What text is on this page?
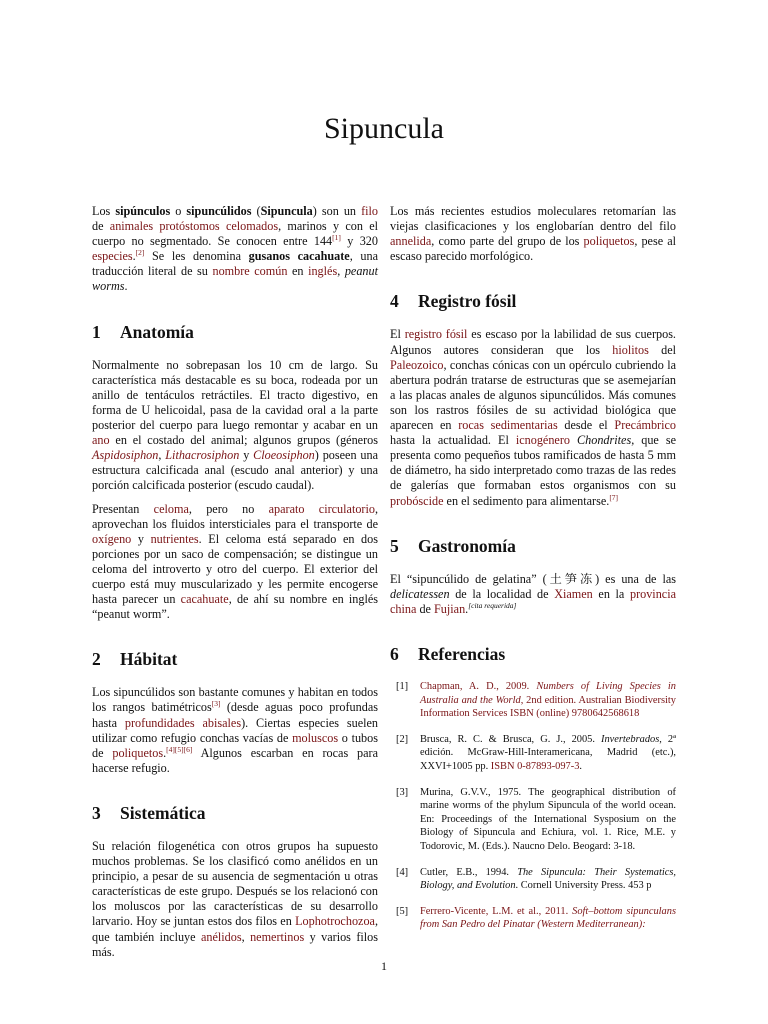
Sipuncula

Los sipúnculos o sipuncúlidos (Sipuncula) son un filo de animales protóstomos celomados, marinos y con el cuerpo no segmentado. Se conocen entre 144[1] y 320 especies.[2] Se les denomina gusanos cacahuate, una traducción literal de su nombre común en inglés, peanut worms.

1 Anatomía

Normalmente no sobrepasan los 10 cm de largo. Su característica más destacable es su boca, rodeada por un anillo de tentáculos retráctiles. El tracto digestivo, en forma de U helicoidal, pasa de la cavidad oral a la parte posterior del cuerpo para luego remontar y acabar en un ano en el costado del animal; algunos grupos (géneros Aspidosiphon, Lithacrosiphon y Cloeosiphon) poseen una estructura calcificada anal (escudo anal anterior) y una porción calcificada posterior (escudo caudal).

Presentan celoma, pero no aparato circulatorio, aprovechan los fluidos intersticiales para el transporte de oxígeno y nutrientes. El celoma está separado en dos porciones por un saco de compensación; se distingue un celoma del introverto y otro del cuerpo. El exterior del cuerpo está muy muscularizado y les permite encogerse hasta parecer un cacahuate, de ahí su nombre en inglés “peanut worm”.

2 Hábitat

Los sipuncúlidos son bastante comunes y habitan en todos los rangos batimétricos[3] (desde aguas poco profundas hasta profundidades abisales). Ciertas especies suelen utilizar como refugio conchas vacías de moluscos o tubos de poliquetos.[4][5][6] Algunos escarban en rocas para hacerse refugio.

3 Sistemática

Su relación filogenética con otros grupos ha supuesto muchos problemas. Se los clasificó como anélidos en un principio, a pesar de su ausencia de segmentación u otras características de este grupo. Después se los relacionó con los moluscos por las características de su desarrollo larvario. Hoy se juntan estos dos filos en Lophotrochozoa, que también incluye anélidos, nemertinos y varios filos más.

Los más recientes estudios moleculares retomarían las viejas clasificaciones y los englobarían dentro del filo annelida, como parte del grupo de los poliquetos, pese al escaso parecido morfológico.

4 Registro fósil

El registro fósil es escaso por la labilidad de sus cuerpos. Algunos autores consideran que los hiolitos del Paleozoico, conchas cónicas con un opérculo cubriendo la abertura podrán tratarse de estructuras que se asemejarían a las placas anales de algunos sipuncúlidos. Más comunes son los rastros fósiles de su actividad biológica que aparecen en rocas sedimentarias desde el Precámbrico hasta la actualidad. El icnogénero Chondrites, que se presenta como pequeños tubos ramificados de hasta 5 mm de diámetro, ha sido interpretado como trazas de las redes de galerías que formaban estos organismos con su probóscide en el sedimento para alimentarse.[7]

5 Gastronomía

El “sipuncúlido de gelatina” (土笋冻) es una de las delicatessen de la localidad de Xiamen en la provincia china de Fujian.[cita requerida]

6 Referencias
[1] Chapman, A. D., 2009. Numbers of Living Species in Australia and the World, 2nd edition. Australian Biodiversity Information Services ISBN (online) 9780642568618
[2] Brusca, R. C. & Brusca, G. J., 2005. Invertebrados, 2ª edición. McGraw-Hill-Interamericana, Madrid (etc.), XXVI+1005 pp. ISBN 0-87893-097-3.
[3] Murina, G.V.V., 1975. The geographical distribution of marine worms of the phylum Sipuncula of the world ocean. En: Proceedings of the International Sysposium on the Biology of Sipuncula and Echiura, vol. 1. Rice, M.E. y Todorovic, M. (Eds.). Naucno Delo. Beogard: 3-18.
[4] Cutler, E.B., 1994. The Sipuncula: Their Systematics, Biology, and Evolution. Cornell University Press. 453 p
[5] Ferrero-Vicente, L.M. et al., 2011. Soft–bottom sipunculans from San Pedro del Pinatar (Western Mediterranean):
1
